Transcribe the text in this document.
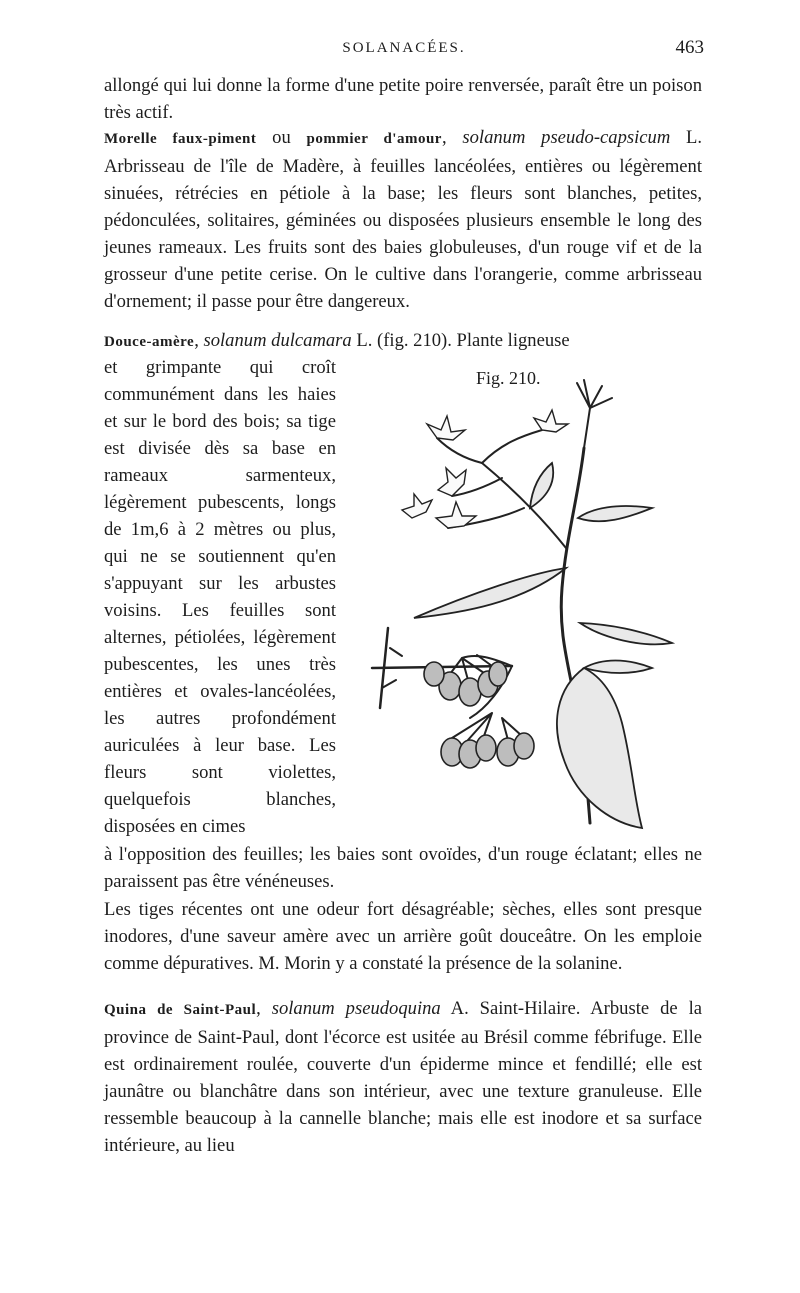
SOLANACÉES.	463

allongé qui lui donne la forme d'une petite poire renversée, paraît être un poison très actif.

Morelle faux-piment ou pommier d'amour, solanum pseudo-capsicum L. Arbrisseau de l'île de Madère, à feuilles lancéolées, entières ou légèrement sinuées, rétrécies en pétiole à la base; les fleurs sont blanches, petites, pédonculées, solitaires, géminées ou disposées plusieurs ensemble le long des jeunes rameaux. Les fruits sont des baies globuleuses, d'un rouge vif et de la grosseur d'une petite cerise. On le cultive dans l'orangerie, comme arbrisseau d'ornement; il passe pour être dangereux.

Douce-amère, solanum dulcamara L. (fig. 210). Plante ligneuse

et grimpante qui croît communément dans les haies et sur le bord des bois; sa tige est divisée dès sa base en rameaux sarmenteux, légèrement pubescents, longs de 1m,6 à 2 mètres ou plus, qui ne se soutiennent qu'en s'appuyant sur les arbustes voisins. Les feuilles sont alternes, pétiolées, légèrement pubescentes, les unes très entières et ovales-lancéolées, les autres profondément auriculées à leur base. Les fleurs sont violettes, quelquefois blanches, disposées en cimes

Fig. 210.

à l'opposition des feuilles; les baies sont ovoïdes, d'un rouge éclatant; elles ne paraissent pas être vénéneuses.

Les tiges récentes ont une odeur fort désagréable; sèches, elles sont presque inodores, d'une saveur amère avec un arrière goût douceâtre. On les emploie comme dépuratives. M. Morin y a constaté la présence de la solanine.

Quina de Saint-Paul, solanum pseudoquina A. Saint-Hilaire. Arbuste de la province de Saint-Paul, dont l'écorce est usitée au Brésil comme fébrifuge. Elle est ordinairement roulée, couverte d'un épiderme mince et fendillé; elle est jaunâtre ou blanchâtre dans son intérieur, avec une texture granuleuse. Elle ressemble beaucoup à la cannelle blanche; mais elle est inodore et sa surface intérieure, au lieu
